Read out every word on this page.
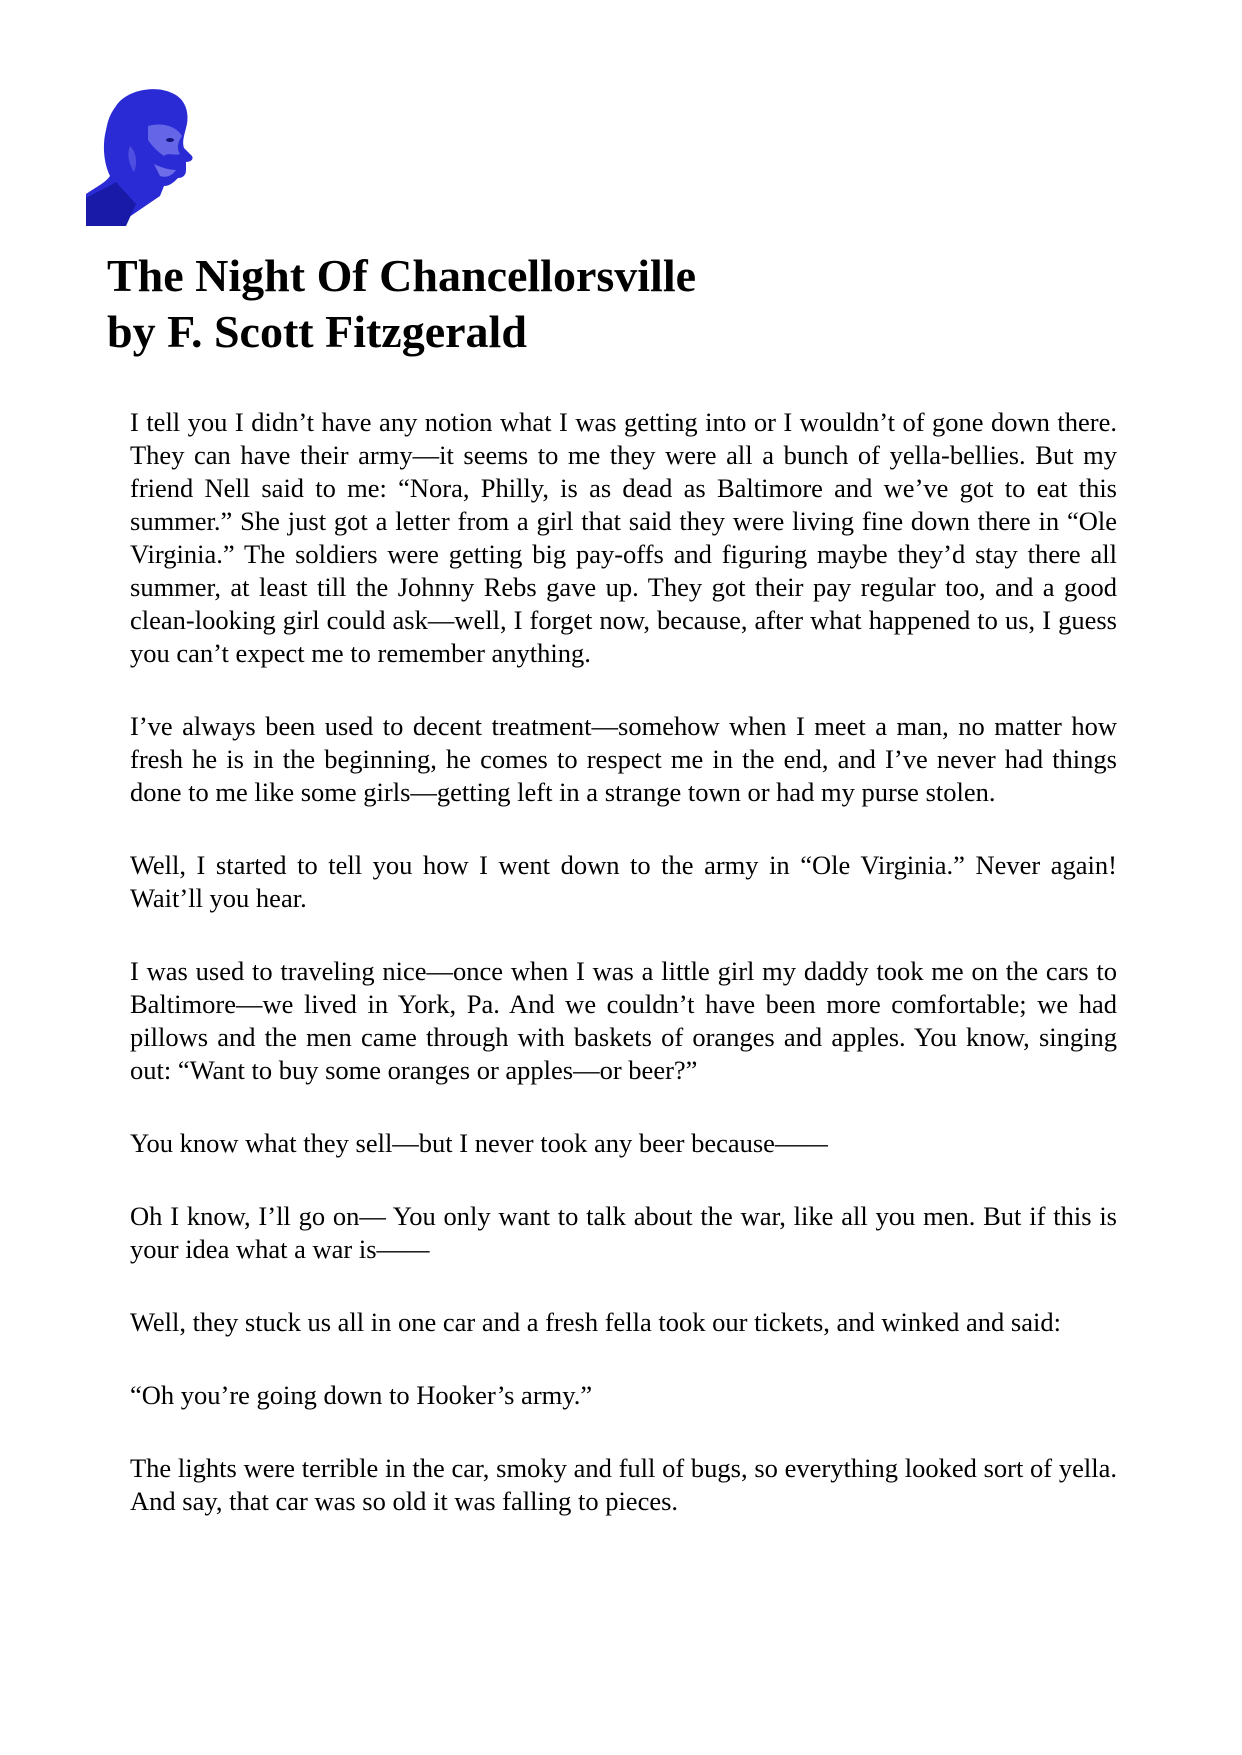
The Night Of Chancellorsville
by F. Scott Fitzgerald

I tell you I didn’t have any notion what I was getting into or I wouldn’t of gone down there. They can have their army—it seems to me they were all a bunch of yella-bellies. But my friend Nell said to me: “Nora, Philly, is as dead as Baltimore and we’ve got to eat this summer.” She just got a letter from a girl that said they were living fine down there in “Ole Virginia.” The soldiers were getting big pay-offs and figuring maybe they’d stay there all summer, at least till the Johnny Rebs gave up. They got their pay regular too, and a good clean-looking girl could ask—well, I forget now, because, after what happened to us, I guess you can’t expect me to remember anything.

I’ve always been used to decent treatment—somehow when I meet a man, no matter how fresh he is in the beginning, he comes to respect me in the end, and I’ve never had things done to me like some girls—getting left in a strange town or had my purse stolen.

Well, I started to tell you how I went down to the army in “Ole Virginia.” Never again! Wait’ll you hear.

I was used to traveling nice—once when I was a little girl my daddy took me on the cars to Baltimore—we lived in York, Pa. And we couldn’t have been more comfortable; we had pillows and the men came through with baskets of oranges and apples. You know, singing out: “Want to buy some oranges or apples—or beer?”

You know what they sell—but I never took any beer because——

Oh I know, I’ll go on— You only want to talk about the war, like all you men. But if this is your idea what a war is——

Well, they stuck us all in one car and a fresh fella took our tickets, and winked and said:

“Oh you’re going down to Hooker’s army.”

The lights were terrible in the car, smoky and full of bugs, so everything looked sort of yella. And say, that car was so old it was falling to pieces.
